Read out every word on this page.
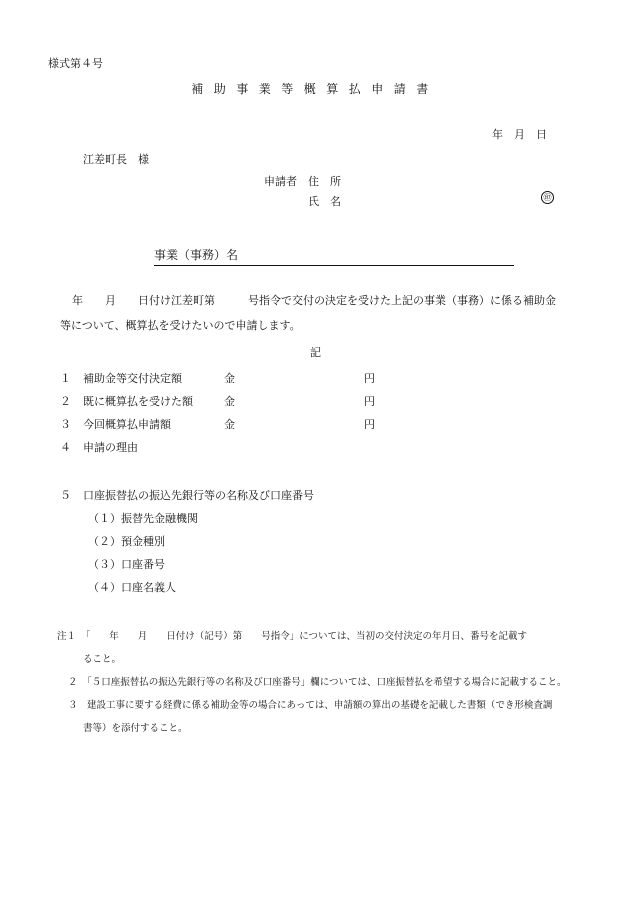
様式第４号
補助事業等概算払申請書
年　月　日
江差町長　様
申請者　住　所
氏　名	㊞
事業（事務）名
年　　月　　日付け江差町第　　　号指令で交付の決定を受けた上記の事業（事務）に係る補助金
等について、概算払を受けたいので申請します。
記
１ 補助金等交付決定額	金	円
２ 既に概算払を受けた額	金	円
３ 今回概算払申請額	金	円
４ 申請の理由
５ 口座振替払の振込先銀行等の名称及び口座番号
（１）振替先金融機関
（２）預金種別
（３）口座番号
（４）口座名義人
注１　「　　年　　月　　日付け（記号）第　　号指令」については、当初の交付決定の年月日、番号を記載す
ること。
２　「５口座振替払の振込先銀行等の名称及び口座番号」欄については、口座振替払を希望する場合に記載すること。
３　建設工事に要する経費に係る補助金等の場合にあっては、申請額の算出の基礎を記載した書類（でき形検査調
書等）を添付すること。
